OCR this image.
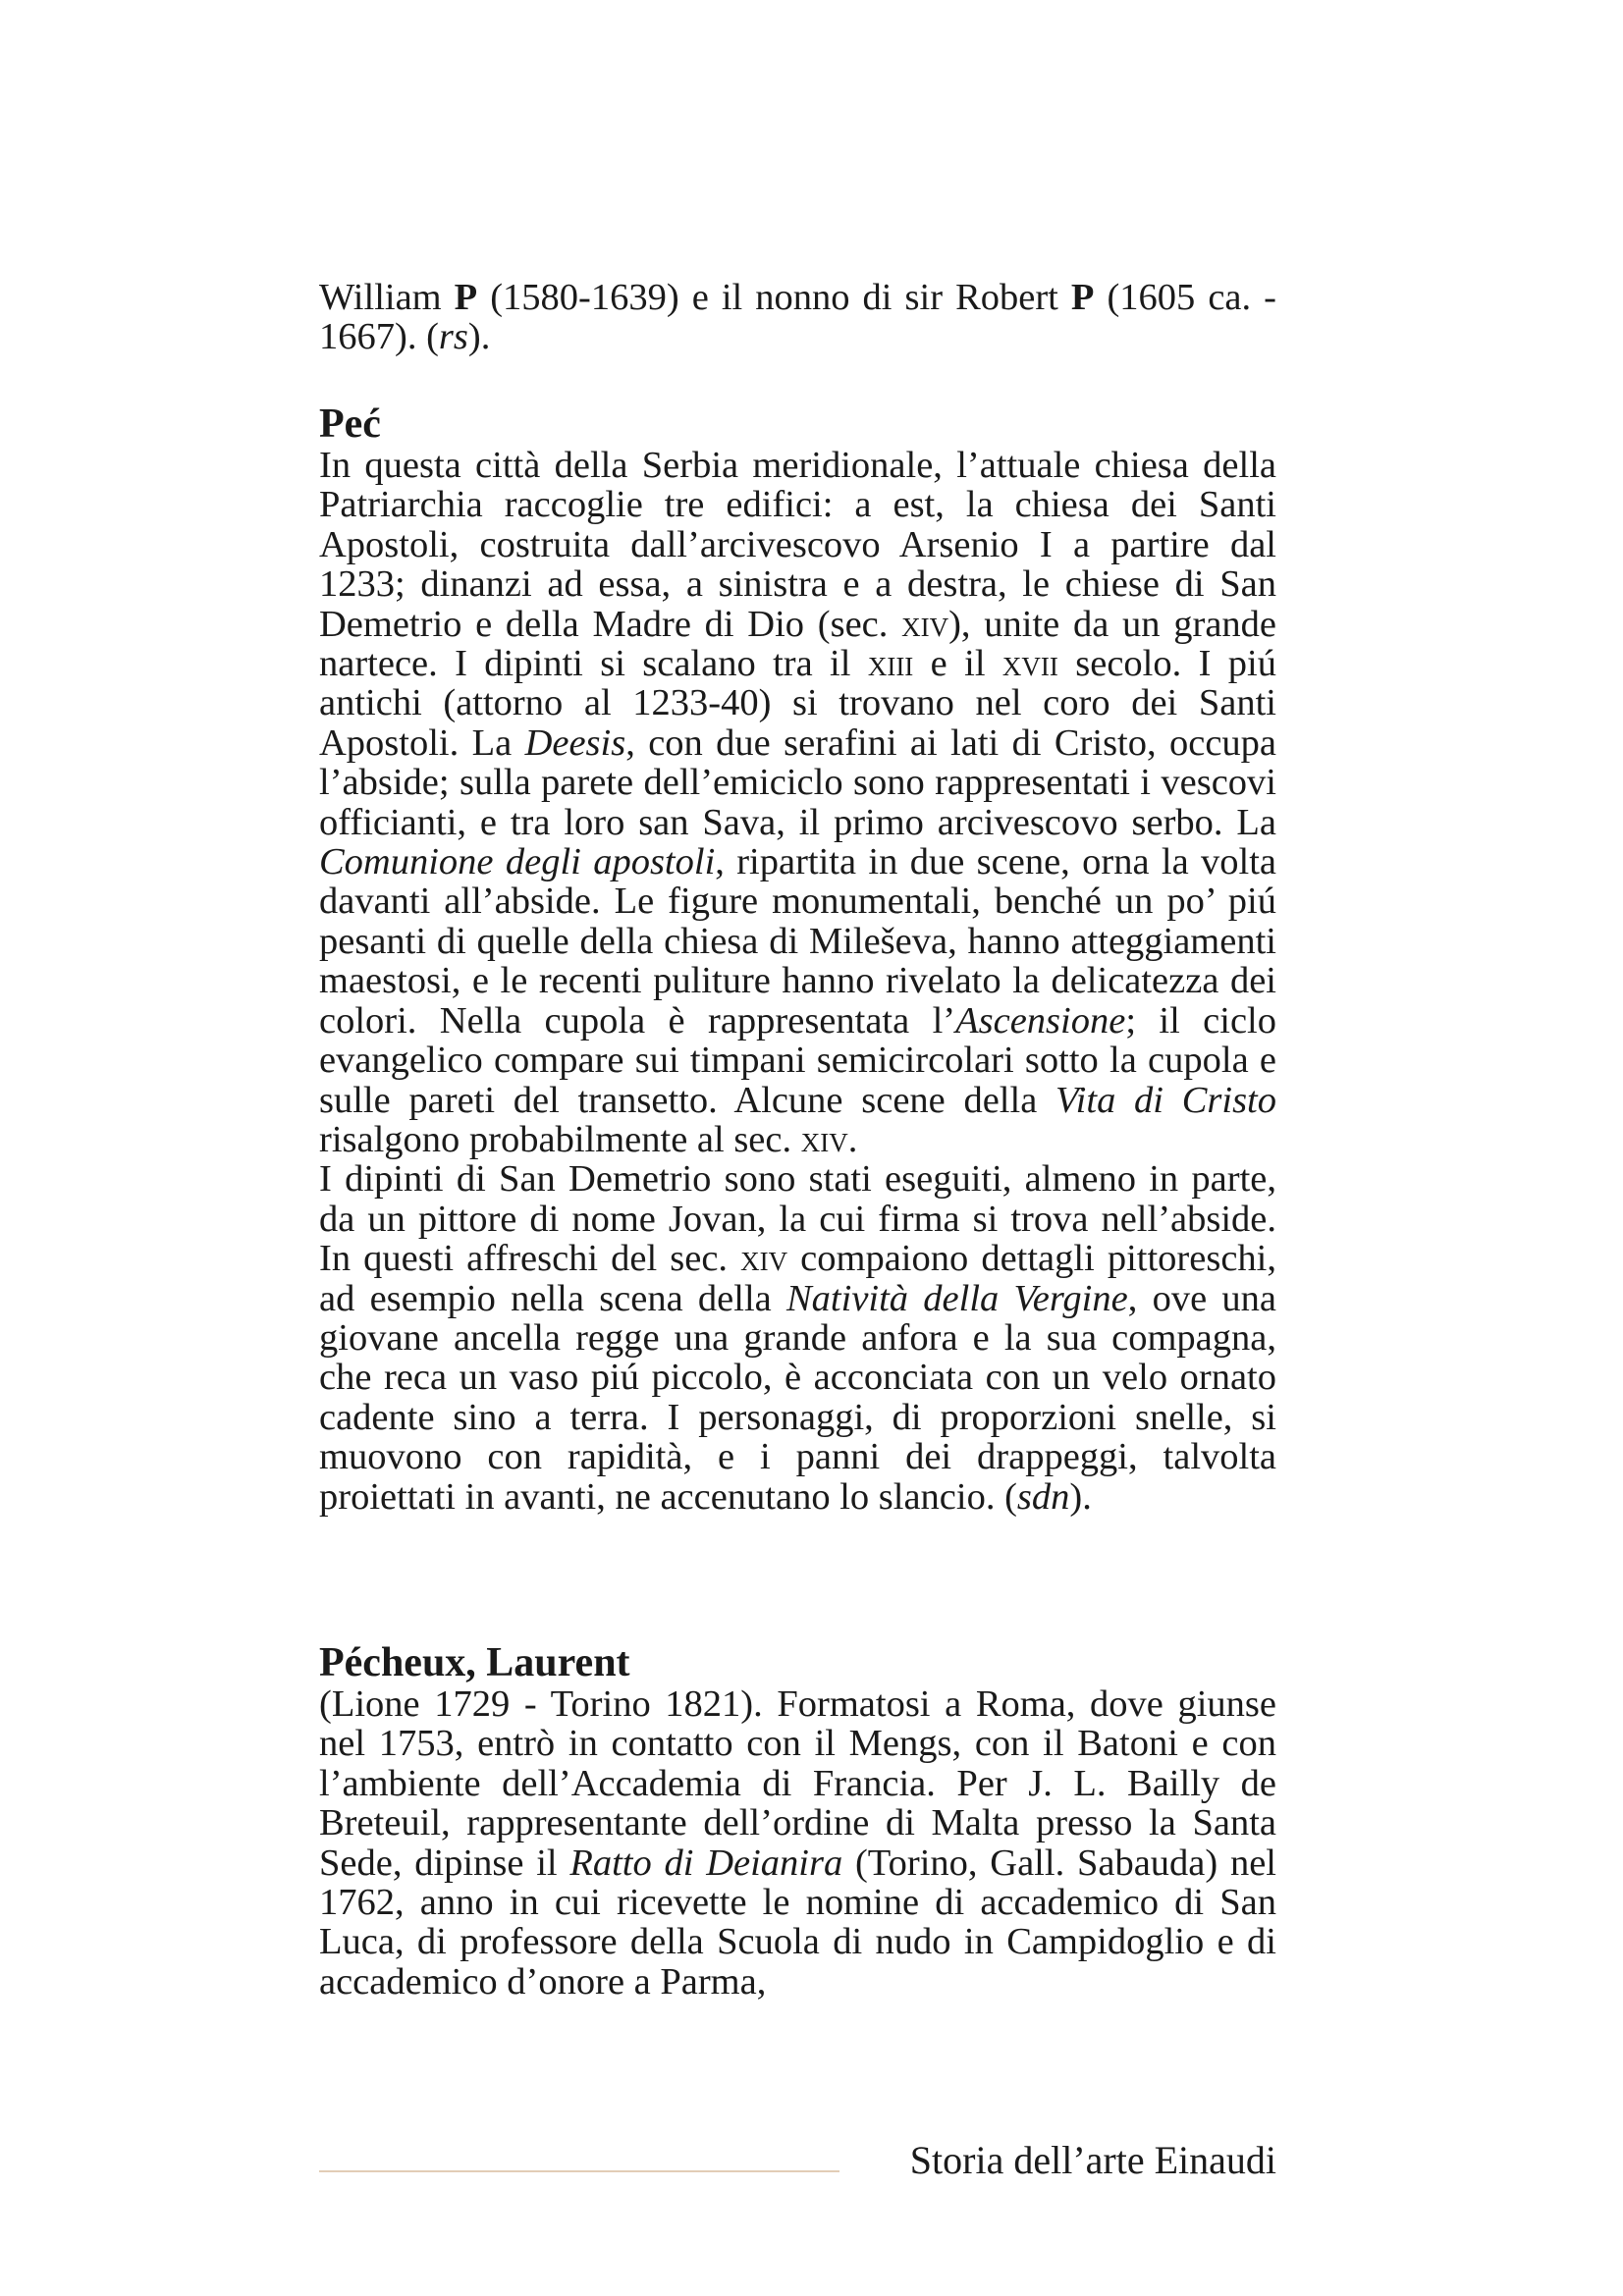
William P (1580-1639) e il nonno di sir Robert P (1605 ca. - 1667). (rs).

Peć

In questa città della Serbia meridionale, l’attuale chiesa della Patriarchia raccoglie tre edifici: a est, la chiesa dei Santi Apostoli, costruita dall’arcivescovo Arsenio I a partire dal 1233; dinanzi ad essa, a sinistra e a destra, le chiese di San Demetrio e della Madre di Dio (sec. xiv), unite da un grande nartece. I dipinti si scalano tra il xiii e il xvii secolo. I piú antichi (attorno al 1233-40) si trovano nel coro dei Santi Apostoli. La Deesis, con due serafini ai lati di Cristo, occupa l’abside; sulla parete dell’emiciclo sono rappresentati i vescovi officianti, e tra loro san Sava, il primo arcivescovo serbo. La Comunione degli apostoli, ripartita in due scene, orna la volta davanti all’abside. Le figure monumentali, benché un po’ piú pesanti di quelle della chiesa di Mileševa, hanno atteggiamenti maestosi, e le recenti puliture hanno rivelato la delicatezza dei colori. Nella cupola è rappresentata l’Ascensione; il ciclo evangelico compare sui timpani semicircolari sotto la cupola e sulle pareti del transetto. Alcune scene della Vita di Cristo risalgono probabilmente al sec. xiv.

I dipinti di San Demetrio sono stati eseguiti, almeno in parte, da un pittore di nome Jovan, la cui firma si trova nell’abside. In questi affreschi del sec. xiv compaiono dettagli pittoreschi, ad esempio nella scena della Natività della Vergine, ove una giovane ancella regge una grande anfora e la sua compagna, che reca un vaso piú piccolo, è acconciata con un velo ornato cadente sino a terra. I personaggi, di proporzioni snelle, si muovono con rapidità, e i panni dei drappeggi, talvolta proiettati in avanti, ne accenutano lo slancio. (sdn).

Pécheux, Laurent

(Lione 1729 - Torino 1821). Formatosi a Roma, dove giunse nel 1753, entrò in contatto con il Mengs, con il Batoni e con l’ambiente dell’Accademia di Francia. Per J. L. Bailly de Breteuil, rappresentante dell’ordine di Malta presso la Santa Sede, dipinse il Ratto di Deianira (Torino, Gall. Sabauda) nel 1762, anno in cui ricevette le nomine di accademico di San Luca, di professore della Scuola di nudo in Campidoglio e di accademico d’onore a Parma,

Storia dell’arte Einaudi
